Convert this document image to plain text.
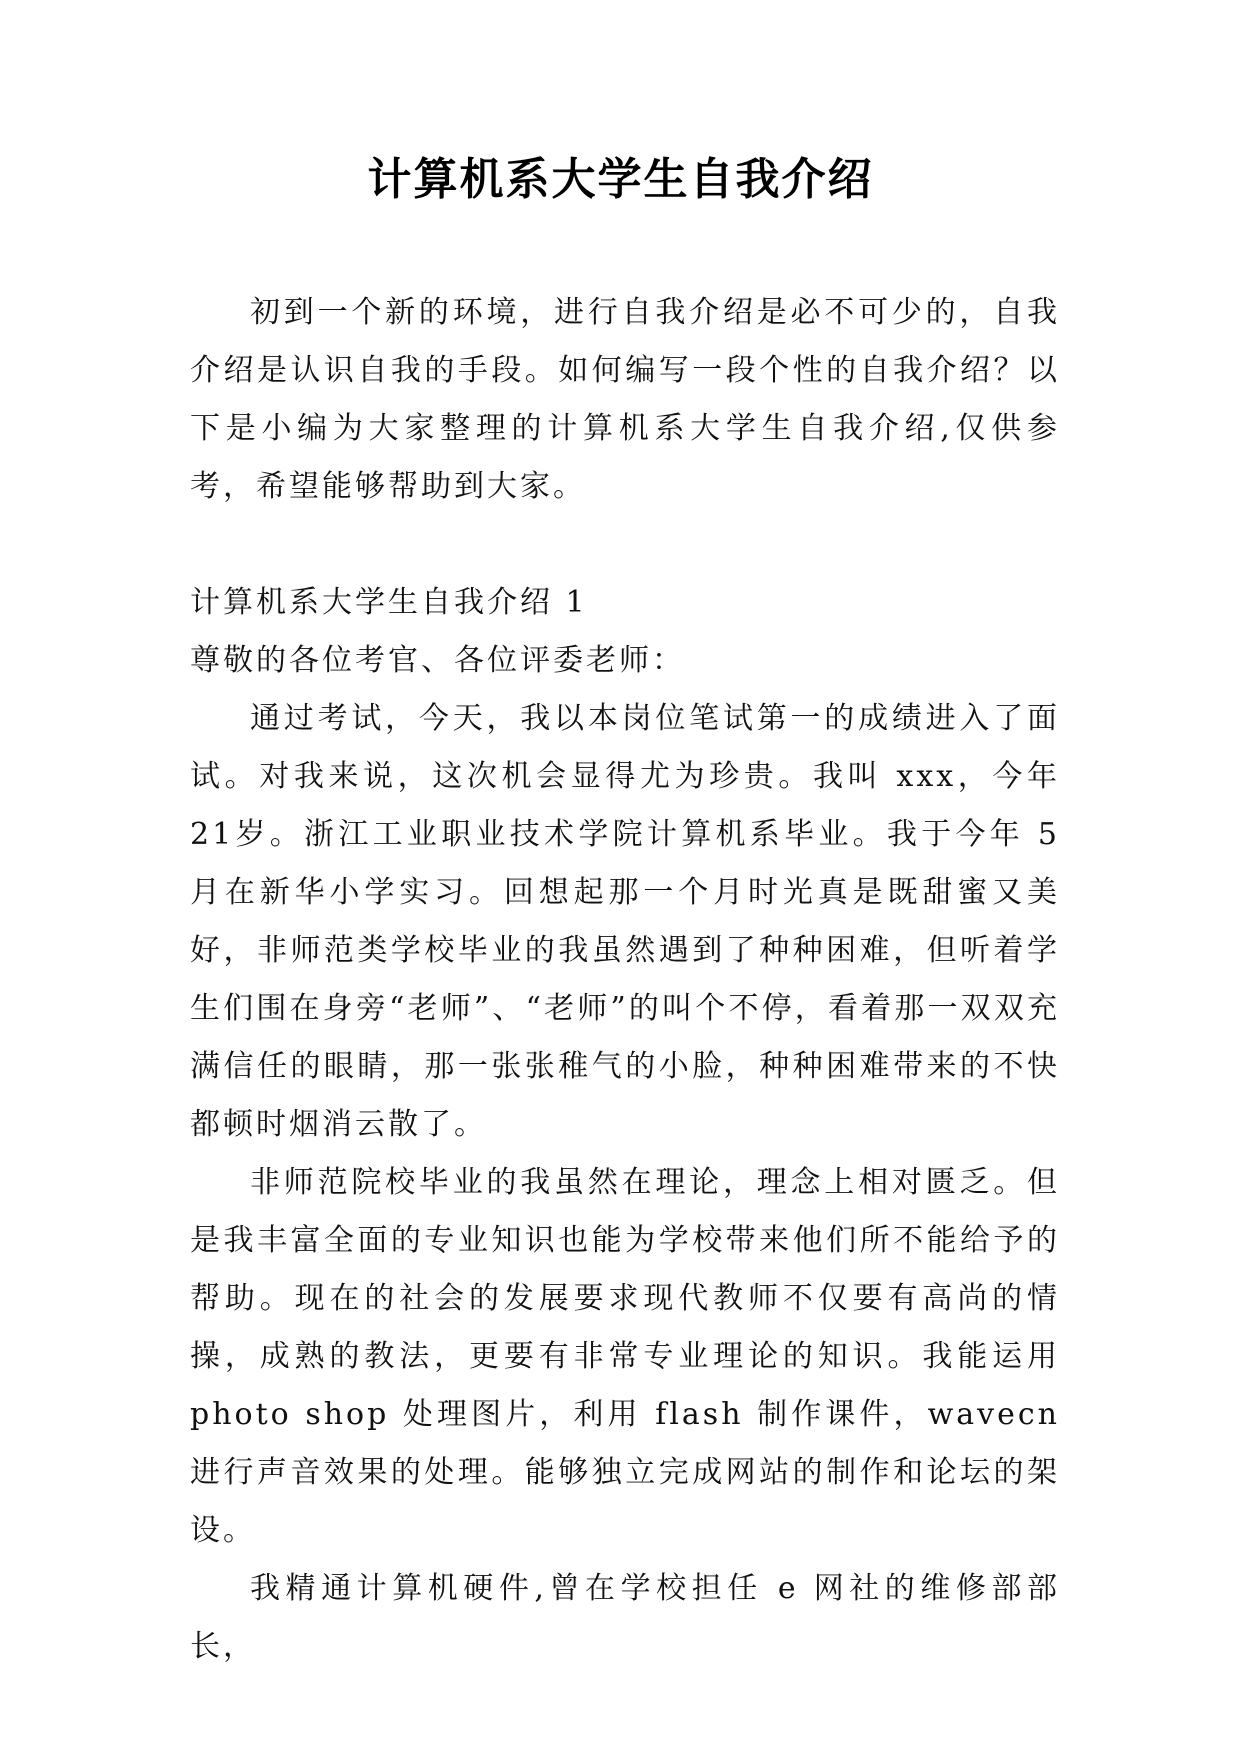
计算机系大学生自我介绍

初到一个新的环境，进行自我介绍是必不可少的，自我介绍是认识自我的手段。如何编写一段个性的自我介绍？以下是小编为大家整理的计算机系大学生自我介绍,仅供参考，希望能够帮助到大家。

计算机系大学生自我介绍 1

尊敬的各位考官、各位评委老师：

通过考试，今天，我以本岗位笔试第一的成绩进入了面试。对我来说，这次机会显得尤为珍贵。我叫 xxx，今年 21岁。浙江工业职业技术学院计算机系毕业。我于今年 5 月在新华小学实习。回想起那一个月时光真是既甜蜜又美好，非师范类学校毕业的我虽然遇到了种种困难，但听着学生们围在身旁“老师”、“老师”的叫个不停，看着那一双双充满信任的眼睛，那一张张稚气的小脸，种种困难带来的不快都顿时烟消云散了。

非师范院校毕业的我虽然在理论，理念上相对匮乏。但是我丰富全面的专业知识也能为学校带来他们所不能给予的帮助。现在的社会的发展要求现代教师不仅要有高尚的情操，成熟的教法，更要有非常专业理论的知识。我能运用 photo shop 处理图片，利用 flash 制作课件，wavecn 进行声音效果的处理。能够独立完成网站的制作和论坛的架设。

我精通计算机硬件,曾在学校担任 e 网社的维修部部长，
